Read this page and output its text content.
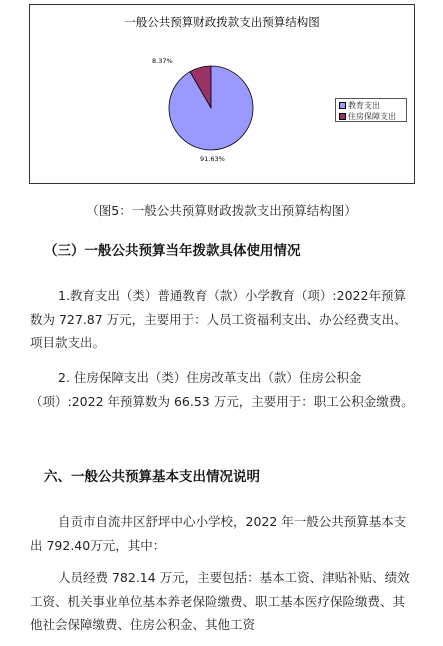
一般公共预算财政拨款支出预算结构图
91.63%
8.37%
教育支出
住房保障支出
（图5：一般公共预算财政拨款支出预算结构图）
（三）一般公共预算当年拨款具体使用情况

1.教育支出（类）普通教育（款）小学教育（项）:2022年预算数为 727.87 万元，主要用于：人员工资福利支出、办公经费支出、项目款支出。

2. 住房保障支出（类）住房改革支出（款）住房公积金（项）:2022 年预算数为 66.53 万元，主要用于：职工公积金缴费。

六、一般公共预算基本支出情况说明

自贡市自流井区舒坪中心小学校，2022 年一般公共预算基本支出 792.40万元，其中：

人员经费 782.14 万元，主要包括：基本工资、津贴补贴、绩效工资、机关事业单位基本养老保险缴费、职工基本医疗保险缴费、其他社会保障缴费、住房公积金、其他工资
